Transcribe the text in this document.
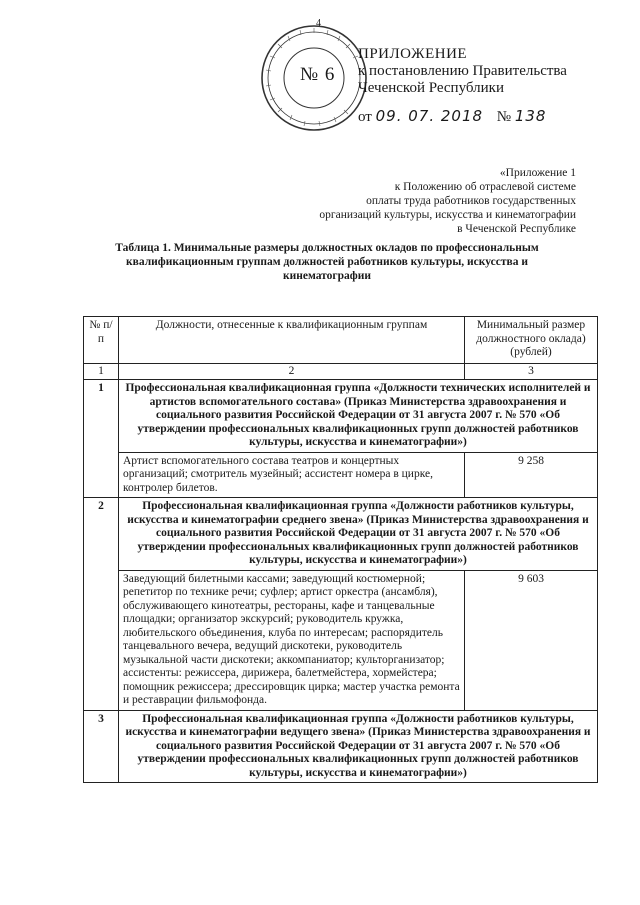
4
№ 6
ПРИЛОЖЕНИЕ
к постановлению Правительства
Чеченской Республики
от 09. 07. 2018 № 138
«Приложение 1
к Положению об отраслевой системе
оплаты труда работников государственных
организаций культуры, искусства и кинематографии
в Чеченской Республике
Таблица 1. Минимальные размеры должностных окладов по профессиональным квалификационным группам должностей работников культуры, искусства и кинематографии
№ п/п	Должности, отнесенные к квалификационным группам	Минимальный размер должностного оклада) (рублей)
1	2	3
1	Профессиональная квалификационная группа «Должности технических исполнителей и артистов вспомогательного состава» (Приказ Министерства здравоохранения и социального развития Российской Федерации от 31 августа 2007 г. № 570 «Об утверждении профессиональных квалификационных групп должностей работников культуры, искусства и кинематографии»)	
	Артист вспомогательного состава театров и концертных организаций; смотритель музейный; ассистент номера в цирке, контролер билетов.	9 258
2	Профессиональная квалификационная группа «Должности работников культуры, искусства и кинематографии среднего звена» (Приказ Министерства здравоохранения и социального развития Российской Федерации от 31 августа 2007 г. № 570 «Об утверждении профессиональных квалификационных групп должностей работников культуры, искусства и кинематографии»)	
	Заведующий билетными кассами; заведующий костюмерной; репетитор по технике речи; суфлер; артист оркестра (ансамбля), обслуживающего кинотеатры, рестораны, кафе и танцевальные площадки; организатор экскурсий; руководитель кружка, любительского объединения, клуба по интересам; распорядитель танцевального вечера, ведущий дискотеки, руководитель музыкальной части дискотеки; аккомпаниатор; культорганизатор; ассистенты: режиссера, дирижера, балетмейстера, хормейстера; помощник режиссера; дрессировщик цирка; мастер участка ремонта и реставрации фильмофонда.	9 603
3	Профессиональная квалификационная группа «Должности работников культуры, искусства и кинематографии ведущего звена» (Приказ Министерства здравоохранения и социального развития Российской Федерации от 31 августа 2007 г. № 570 «Об утверждении профессиональных квалификационных групп должностей работников культуры, искусства и кинематографии»)	
